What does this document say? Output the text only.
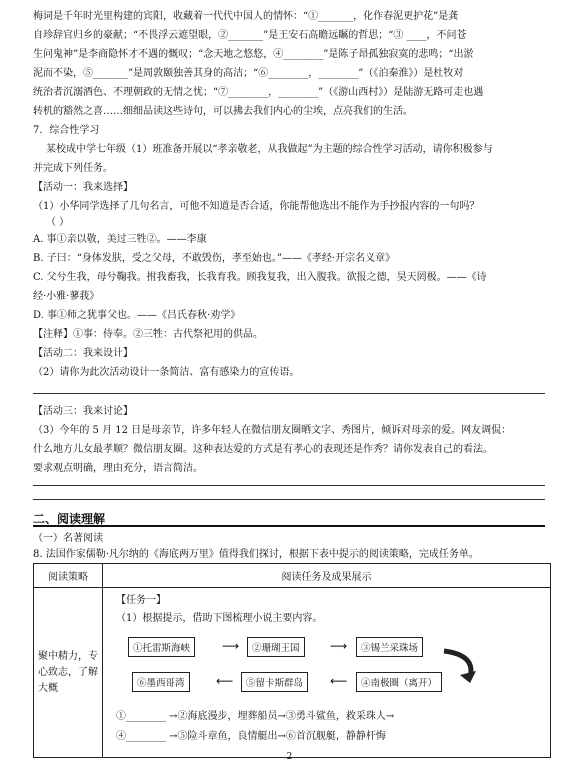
梅词是千年时光里构建的宾阳，收藏着一代代中国人的情怀：“①_______，化作春泥更护花”是龚
自珍辞官归乡的豪献；“不畏浮云遮望眼，②_______”是王安石高瞻远瞩的哲思；“③ ____，不问苍
生问鬼神”是李商隐怀才不遇的慨叹；“念天地之悠悠，④________”是陈子昂孤独寂寞的悲鸣；“出淤
泥而不染，⑤_______”是周敦颐独善其身的高洁；“⑥________，________”（《泊秦淮》）是杜牧对
统治者沉溺酒色、不理朝政的无情之忧；“⑦________，________”（《游山西村》）是陆游无路可走也遇
转机的豁然之喜……细细品读这些诗句，可以拂去我们内心的尘埃，点亮我们的生活。
7．综合性学习
某校成中学七年级（1）班准备开展以“孝亲敬老，从我做起”为主题的综合性学习活动，请你积极参与
并完成下列任务。
【活动一：我来选择】
（1）小华同学选择了几句名言，可他不知道是否合适，你能帮他选出不能作为手抄报内容的一句吗？
（ ）
A. 事①亲以敬，美过三牲②。——李康
B. 子曰：“身体发肤，受之父母，不敢毁伤，孝至始也。”——《孝经·开宗名义章》
C. 父兮生我，母兮鞠我。拊我畜我，长我育我。顾我复我，出入腹我。欲报之德，昊天罔极。——《诗
经·小雅·蓼莪》
D. 事①师之犹事父也。——《吕氏春秋·劝学》
【注释】①事：侍奉。②三牲：古代祭祀用的供品。
【活动二：我来设计】
（2）请你为此次活动设计一条简洁、富有感染力的宣传语。
【活动三：我来讨论】
（3）今年的 5 月 12 日是母亲节，许多年轻人在微信朋友圈晒文字、秀图片，倾诉对母亲的爱。网友调侃：
什么地方儿女最孝顺？微信朋友圈。这种表达爱的方式是有孝心的表现还是作秀？请你发表自己的看法。
要求观点明确，理由充分，语言简洁。
二、阅读理解
（一）名著阅读
8. 法国作家儒勒·凡尔纳的《海底两万里》值得我们探讨，根据下表中提示的阅读策略，完成任务单。
阅读策略	阅读任务及成果展示
聚中精力，专心致志，了解大概	
【任务一】
（1）根据提示，借助下图梳理小说主要内容。
①托雷斯海峡	⟶	②珊瑚王国	⟶	③锡兰采珠场
⑥墨西哥湾	⟵	⑤留卡斯群岛	⟵	④南极圈（离开）
①________ →②海底漫步，埋葬船员→③勇斗鲨鱼，救采珠人→
④________ →⑤险斗章鱼，良情艇出→⑥首沉舰艇，静静杆悔
2
